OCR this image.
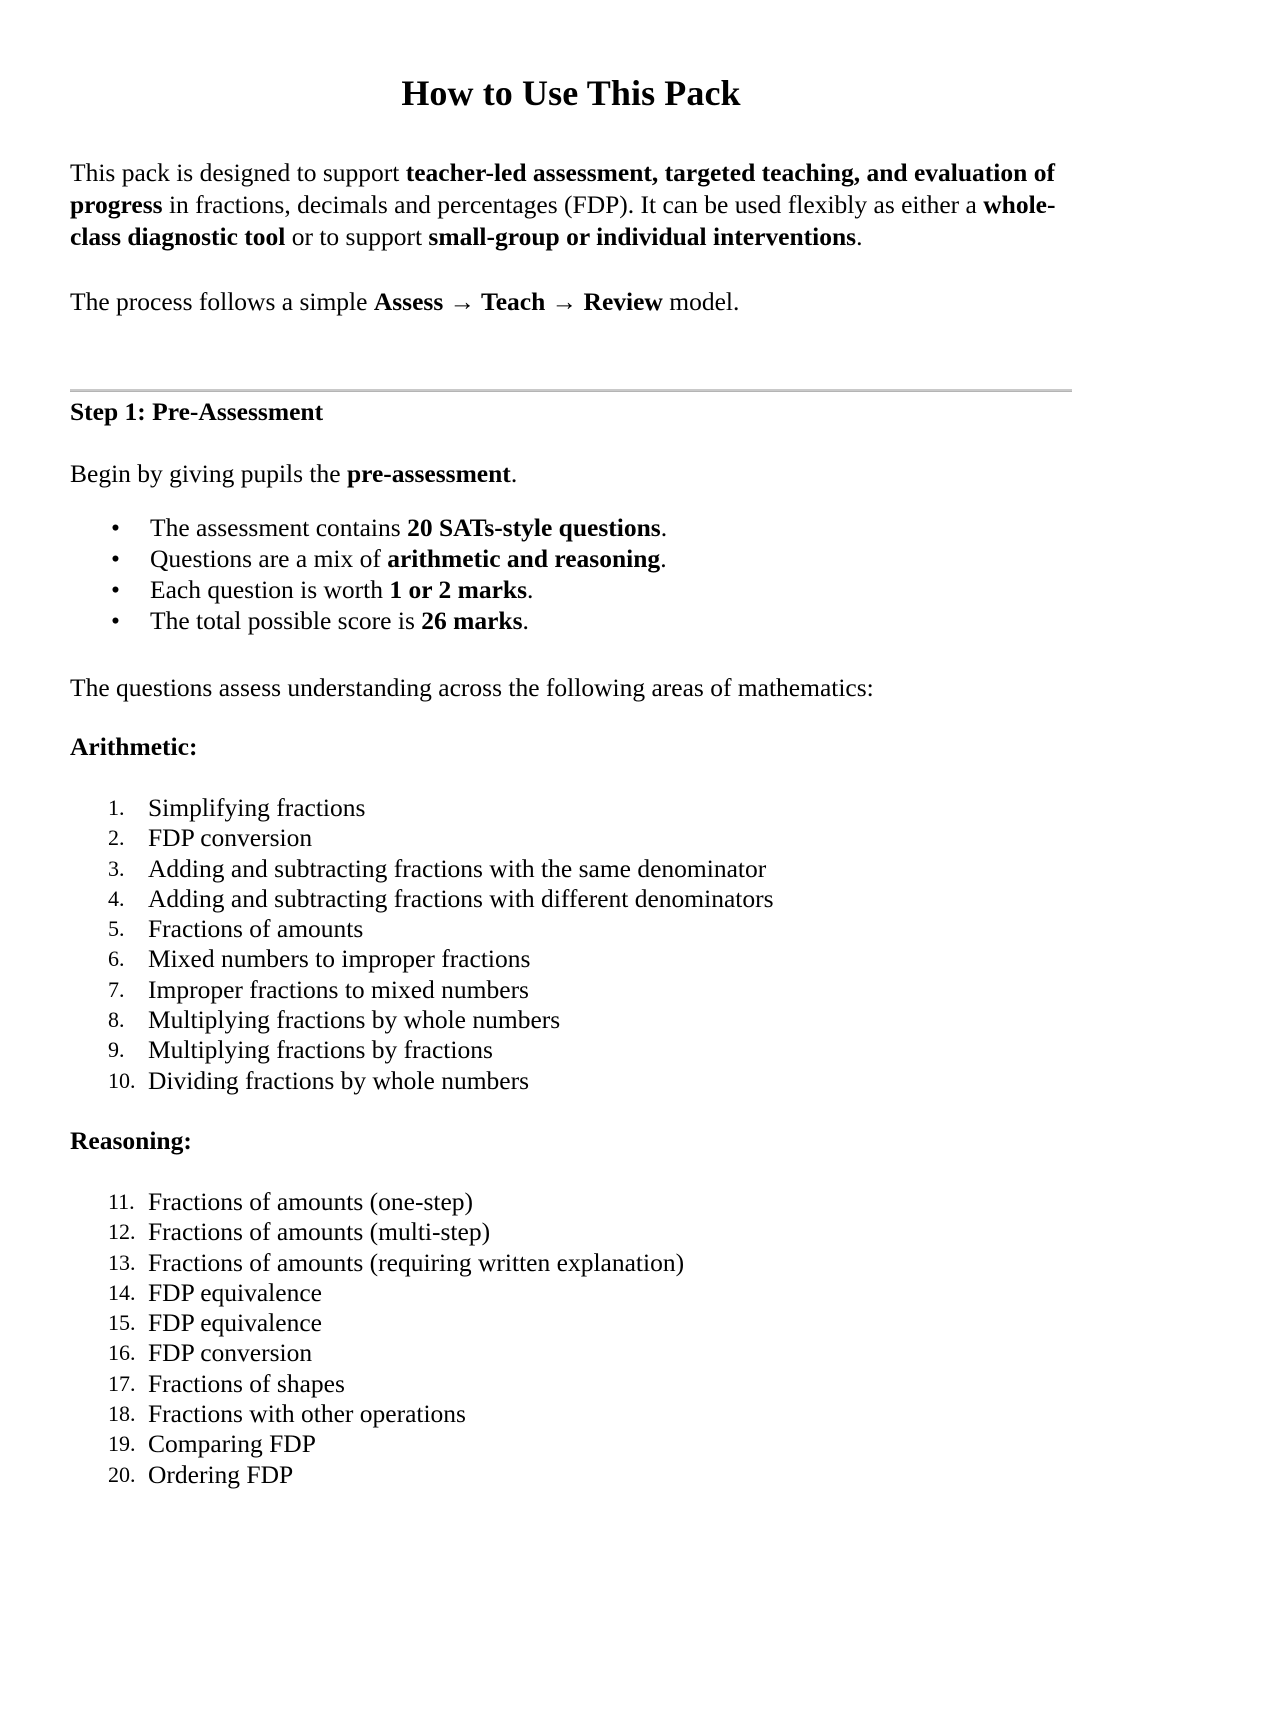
How to Use This Pack

This pack is designed to support teacher-led assessment, targeted teaching, and evaluation of progress in fractions, decimals and percentages (FDP). It can be used flexibly as either a whole-class diagnostic tool or to support small-group or individual interventions.

The process follows a simple Assess → Teach → Review model.

Step 1: Pre-Assessment

Begin by giving pupils the pre-assessment.

• The assessment contains 20 SATs-style questions.
• Questions are a mix of arithmetic and reasoning.
• Each question is worth 1 or 2 marks.
• The total possible score is 26 marks.

The questions assess understanding across the following areas of mathematics:

Arithmetic:
1. Simplifying fractions
2. FDP conversion
3. Adding and subtracting fractions with the same denominator
4. Adding and subtracting fractions with different denominators
5. Fractions of amounts
6. Mixed numbers to improper fractions
7. Improper fractions to mixed numbers
8. Multiplying fractions by whole numbers
9. Multiplying fractions by fractions
10. Dividing fractions by whole numbers
Reasoning:
11. Fractions of amounts (one-step)
12. Fractions of amounts (multi-step)
13. Fractions of amounts (requiring written explanation)
14. FDP equivalence
15. FDP equivalence
16. FDP conversion
17. Fractions of shapes
18. Fractions with other operations
19. Comparing FDP
20. Ordering FDP
